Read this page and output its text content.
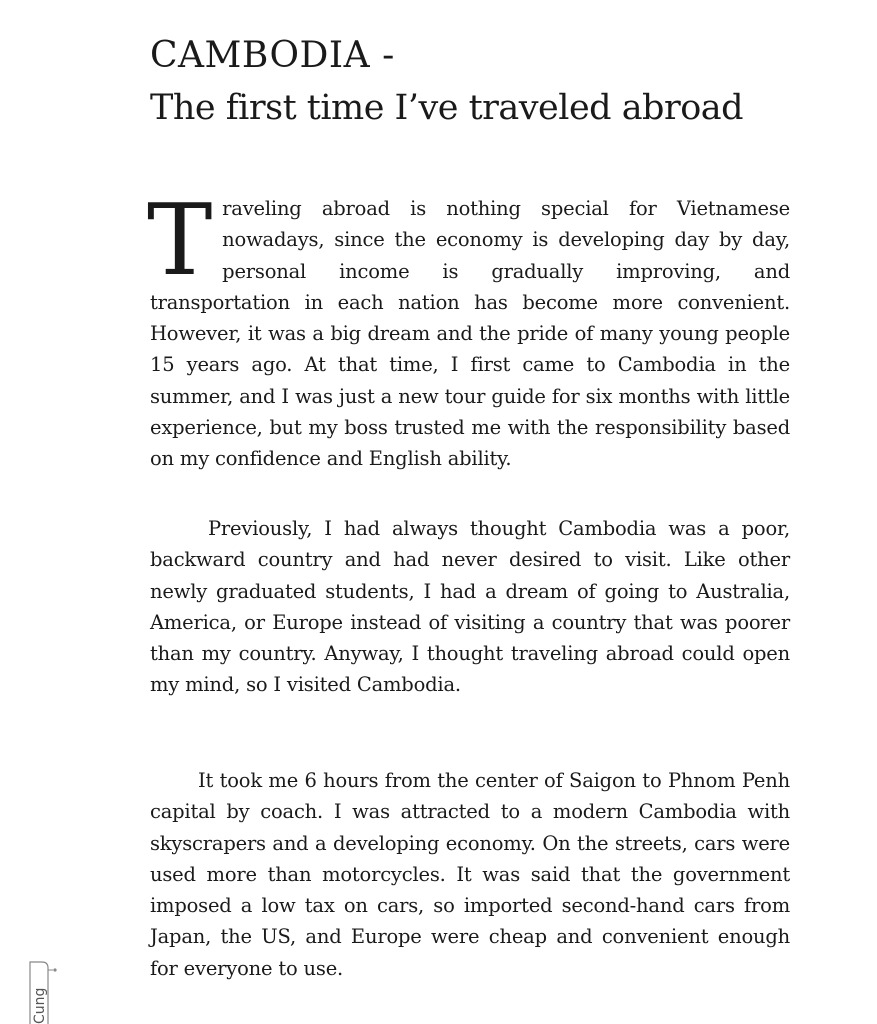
CAMBODIA -
The first time I’ve traveled abroad

Traveling abroad is nothing special for Vietnamese nowadays, since the economy is developing day by day, personal income is gradually improving, and transportation in each nation has become more convenient. However, it was a big dream and the pride of many young people 15 years ago. At that time, I first came to Cambodia in the summer, and I was just a new tour guide for six months with little experience, but my boss trusted me with the responsibility based on my confidence and English ability.

Previously, I had always thought Cambodia was a poor, backward country and had never desired to visit. Like other newly graduated students, I had a dream of going to Australia, America, or Europe instead of visiting a country that was poorer than my country. Anyway, I thought traveling abroad could open my mind, so I visited Cambodia.

It took me 6 hours from the center of Saigon to Phnom Penh capital by coach. I was attracted to a modern Cambodia with skyscrapers and a developing economy. On the streets, cars were used more than motorcycles. It was said that the government imposed a low tax on cars, so imported second-hand cars from Japan, the US, and Europe were cheap and convenient enough for everyone to use.

Cung
